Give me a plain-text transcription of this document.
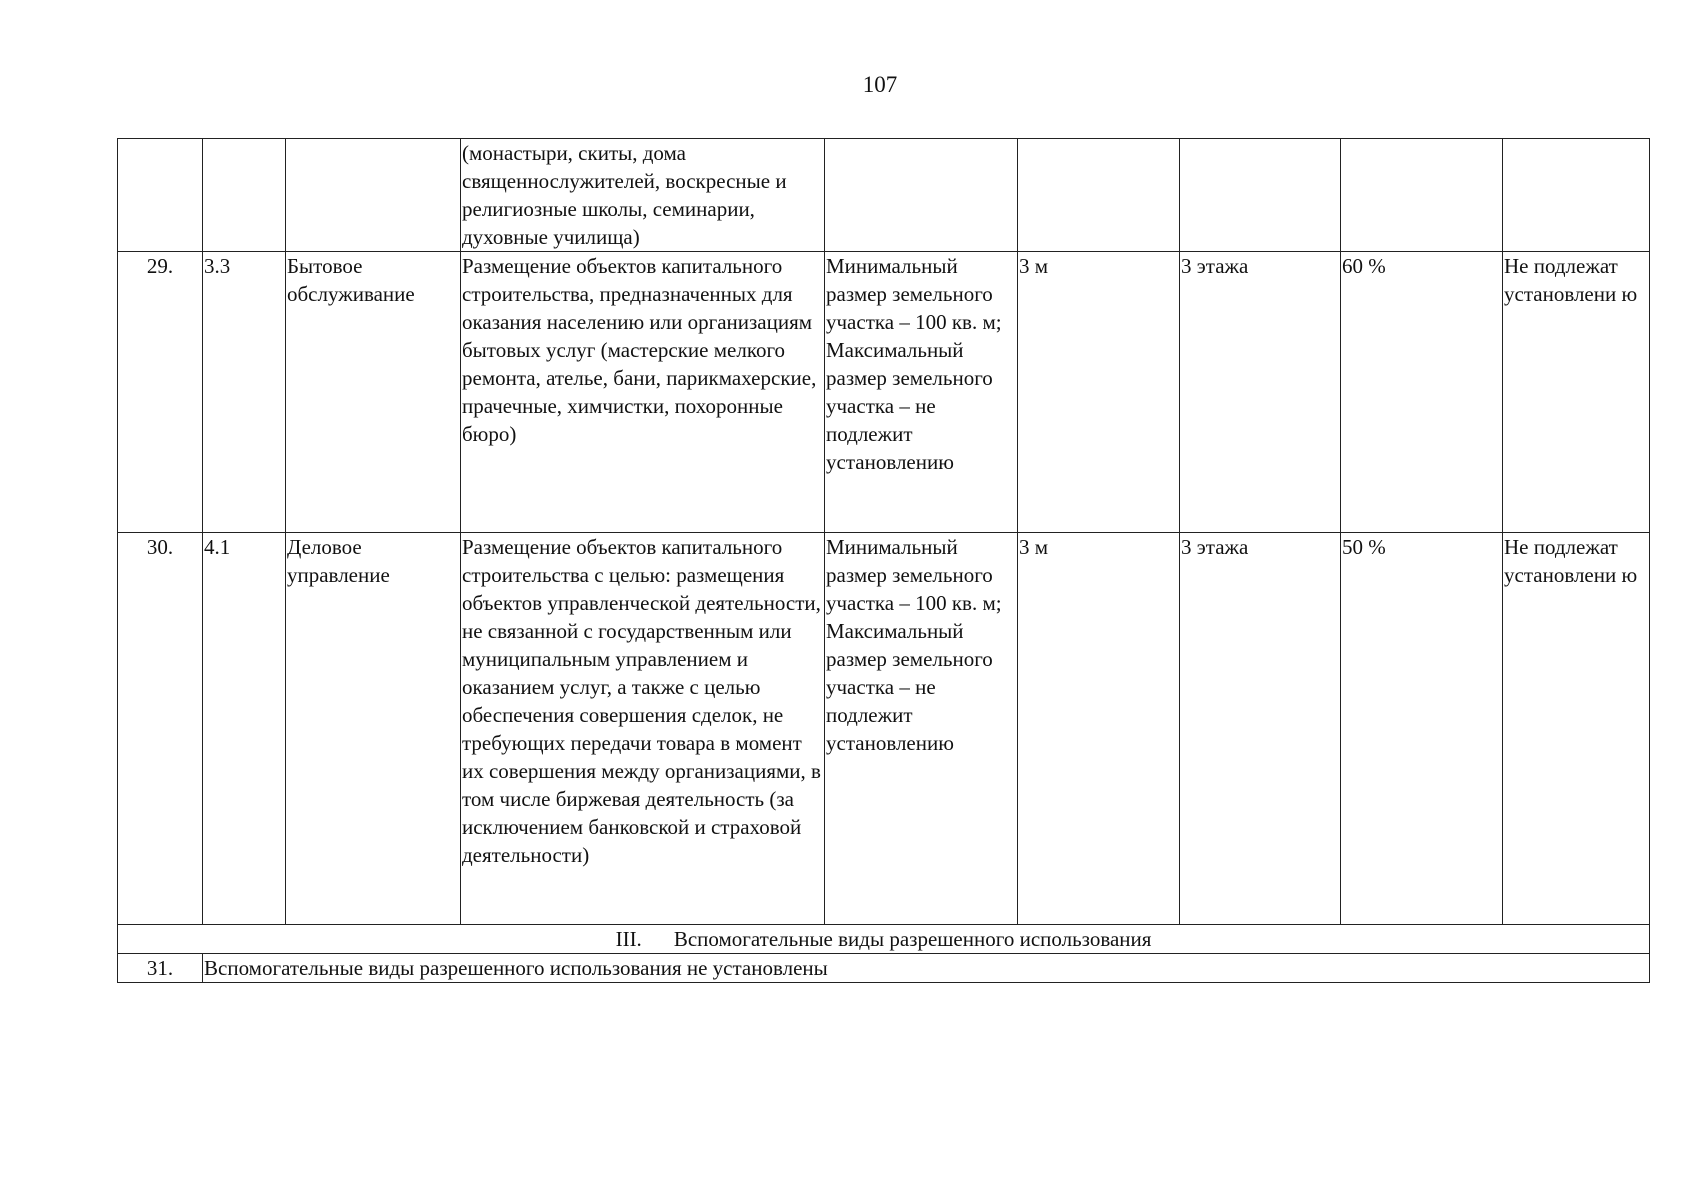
107
			(монастыри, скиты, дома священнослужителей, воскресные и религиозные школы, семинарии, духовные училища)					
29.	3.3	Бытовое обслуживание	Размещение объектов капитального строительства, предназначенных для оказания населению или организациям бытовых услуг (мастерские мелкого ремонта, ателье, бани, парикмахерские, прачечные, химчистки, похоронные бюро)	Минимальный размер земельного участка – 100 кв. м; Максимальный размер земельного участка – не подлежит установлению	3 м	3 этажа	60 %	Не подлежат установлени ю
30.	4.1	Деловое управление	Размещение объектов капитального строительства с целью: размещения объектов управленческой деятельности, не связанной с государственным или муниципальным управлением и оказанием услуг, а также с целью обеспечения совершения сделок, не требующих передачи товара в момент их совершения между организациями, в том числе биржевая деятельность (за исключением банковской и страховой деятельности)	Минимальный размер земельного участка – 100 кв. м; Максимальный размер земельного участка – не подлежит установлению	3 м	3 этажа	50 %	Не подлежат установлени ю
III. Вспомогательные виды разрешенного использования								
31.	Вспомогательные виды разрешенного использования не установлены							
